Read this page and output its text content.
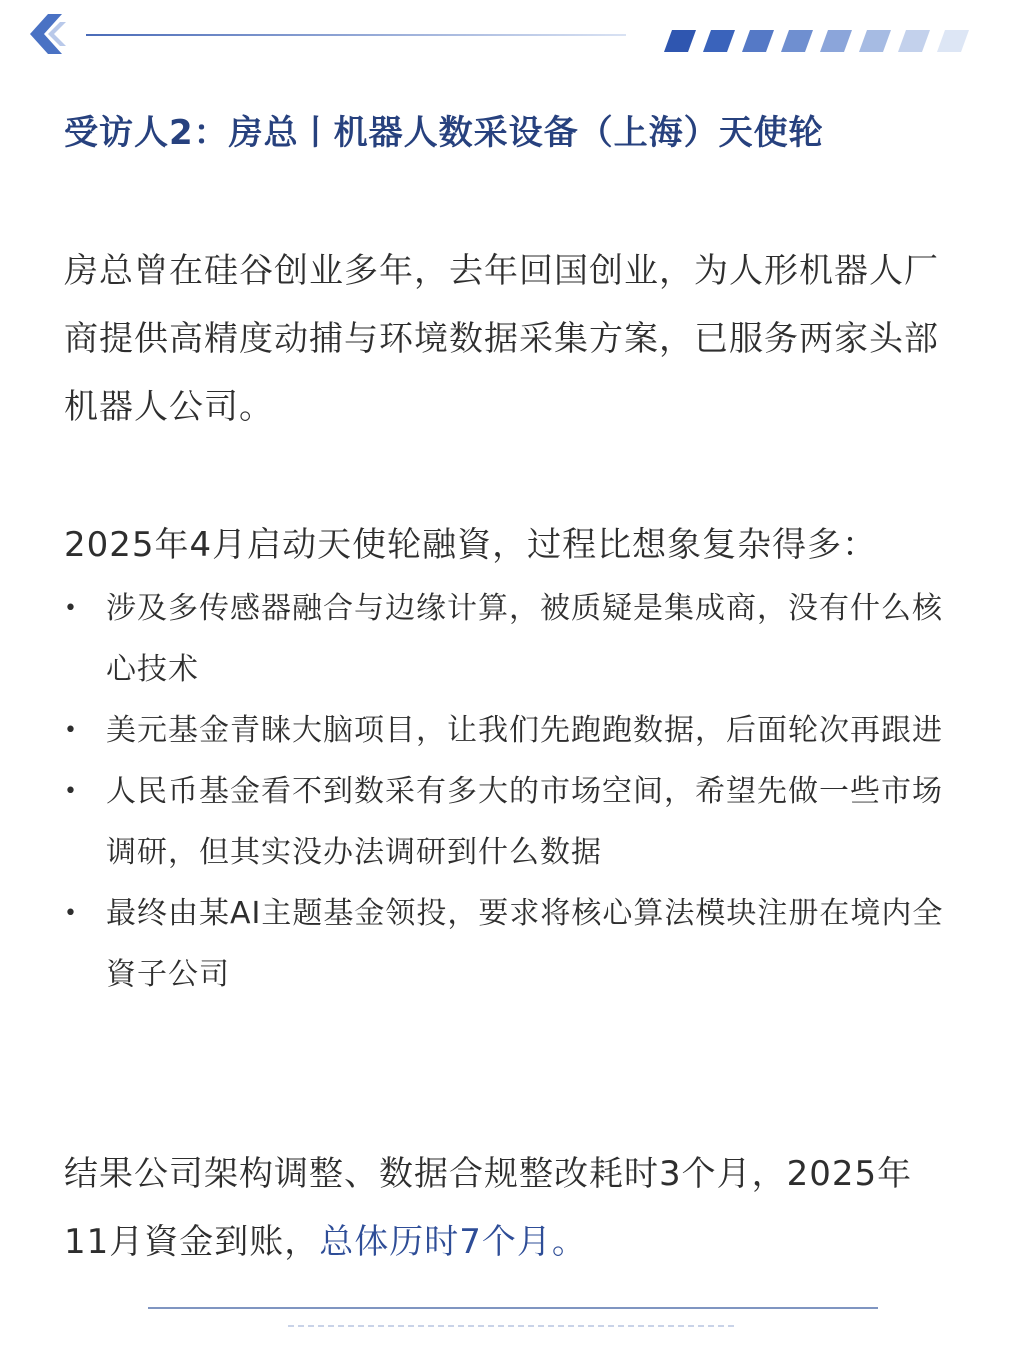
受访人2：房总丨机器人数采设备（上海）天使轮
房总曾在硅谷创业多年，去年回国创业，为人形机器人厂商提供高精度动捕与环境数据采集方案，已服务两家头部机器人公司。
2025年4月启动天使轮融資，过程比想象复杂得多：
• 涉及多传感器融合与边缘计算，被质疑是集成商，没有什么核心技术
• 美元基金青睐大脑项目，让我们先跑跑数据，后面轮次再跟进
• 人民币基金看不到数采有多大的市场空间，希望先做一些市场调研，但其实没办法调研到什么数据
• 最终由某AI主题基金领投，要求将核心算法模块注册在境内全資子公司
结果公司架构调整、数据合规整改耗时3个月，2025年11月資金到账，总体历时7个月。
